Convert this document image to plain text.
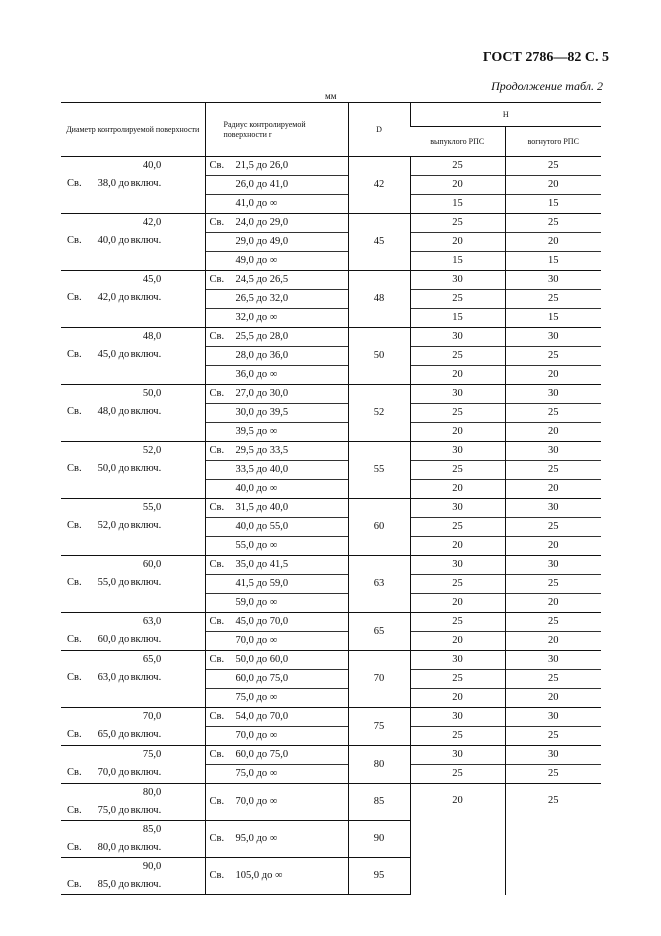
ГОСТ 2786—82 С. 5
Продолжение табл. 2
мм
Диаметр контролируемой поверхности	Радиус контролируемой поверхности r	D	H	
			выпуклого РПС	вогнутого РПС
Св. 38,0 до40,0 включ.	Св. 21,5 до 26,0	42	25	25
	26,0 до 41,0		20	20
	41,0 до ∞		15	15
Св. 40,0 до42,0 включ.	Св. 24,0 до 29,0	45	25	25
	29,0 до 49,0		20	20
	49,0 до ∞		15	15
Св. 42,0 до45,0 включ.	Св. 24,5 до 26,5	48	30	30
	26,5 до 32,0		25	25
	32,0 до ∞		15	15
Св. 45,0 до48,0 включ.	Св. 25,5 до 28,0	50	30	30
	28,0 до 36,0		25	25
	36,0 до ∞		20	20
Св. 48,0 до50,0 включ.	Св. 27,0 до 30,0	52	30	30
	30,0 до 39,5		25	25
	39,5 до ∞		20	20
Св. 50,0 до52,0 включ.	Св. 29,5 до 33,5	55	30	30
	33,5 до 40,0		25	25
	40,0 до ∞		20	20
Св. 52,0 до55,0 включ.	Св. 31,5 до 40,0	60	30	30
	40,0 до 55,0		25	25
	55,0 до ∞		20	20
Св. 55,0 до60,0 включ.	Св. 35,0 до 41,5	63	30	30
	41,5 до 59,0		25	25
	59,0 до ∞		20	20
Св. 60,0 до63,0 включ.	Св. 45,0 до 70,0	65	25	25
	70,0 до ∞		20	20
Св. 63,0 до65,0 включ.	Св. 50,0 до 60,0	70	30	30
	60,0 до 75,0		25	25
	75,0 до ∞		20	20
Св. 65,0 до70,0 включ.	Св. 54,0 до 70,0	75	30	30
	70,0 до ∞		25	25
Св. 70,0 до75,0 включ.	Св. 60,0 до 75,0	80	30	30
	75,0 до ∞		25	25
Св. 75,0 до80,0 включ.	Св. 70,0 до ∞	85	20	25
Св. 80,0 до85,0 включ.	Св. 95,0 до ∞	90		
Св. 85,0 до90,0 включ.	Св. 105,0 до ∞	95		
